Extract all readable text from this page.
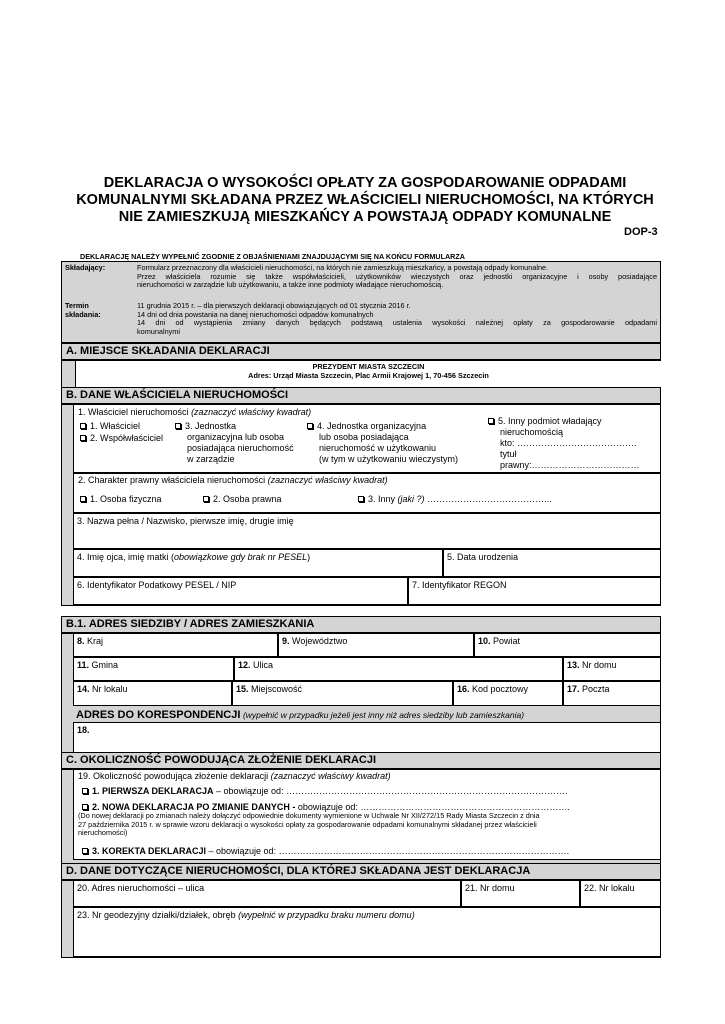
DEKLARACJA O WYSOKOŚCI OPŁATY ZA GOSPODAROWANIE ODPADAMI
KOMUNALNYMI SKŁADANA PRZEZ WŁAŚCICIELI NIERUCHOMOŚCI, NA KTÓRYCH
NIE ZAMIESZKUJĄ MIESZKAŃCY A POWSTAJĄ ODPADY KOMUNALNE
DOP-3
DEKLARACJĘ NALEŻY WYPEŁNIĆ ZGODNIE Z OBJAŚNIENIAMI ZNAJDUJĄCYMI SIĘ NA KOŃCU FORMULARZA
Składający:	Formularz przeznaczony dla właścicieli nieruchomości, na których nie zamieszkują mieszkańcy, a powstają odpady komunalne.
Przez właściciela rozumie się także współwłaścicieli, użytkowników wieczystych oraz jednostki organizacyjne i osoby posiadające
nieruchomości w zarządzie lub użytkowaniu, a także inne podmioty władające nieruchomością.
Termin
składania:
11 grudnia 2015 r. – dla pierwszych deklaracji obowiązujących od 01 stycznia 2016 r.
14 dni od dnia powstania na danej nieruchomości odpadów komunalnych
14 dni od wystąpienia zmiany danych będących podstawą ustalenia wysokości należnej opłaty za gospodarowanie odpadami
komunalnymi
A. MIEJSCE SKŁADANIA DEKLARACJI
PREZYDENT MIASTA SZCZECIN
Adres: Urząd Miasta Szczecin, Plac Armii Krajowej 1, 70-456 Szczecin
B. DANE WŁAŚCICIELA NIERUCHOMOŚCI
1. Właściciel nieruchomości (zaznaczyć właściwy kwadrat)
1. Właściciel
2. Współwłaściciel
3. Jednostka
organizacyjna lub osoba
posiadająca nieruchomość
w zarządzie
4. Jednostka organizacyjna
lub osoba posiadająca
nieruchomość w użytkowaniu
(w tym w użytkowaniu wieczystym)
5. Inny podmiot władający
nieruchomością
kto: ………………………………….
tytuł
prawny:………………………………
2. Charakter prawny właściciela nieruchomości (zaznaczyć właściwy kwadrat)
1. Osoba fizyczna	2. Osoba prawna	3. Inny (jaki ?) …………………………………...
3. Nazwa pełna / Nazwisko, pierwsze imię, drugie imię
4. Imię ojca, imię matki (obowiązkowe gdy brak nr PESEL)	5. Data urodzenia
6. Identyfikator Podatkowy PESEL / NIP	7. Identyfikator REGON
B.1. ADRES SIEDZIBY / ADRES ZAMIESZKANIA
8. Kraj	9. Województwo	10. Powiat
11. Gmina	12. Ulica	13. Nr domu
14. Nr lokalu	15. Miejscowość	16. Kod pocztowy	17. Poczta
ADRES DO KORESPONDENCJI (wypełnić w przypadku jeżeli jest inny niż adres siedziby lub zamieszkania)
18.
C. OKOLICZNOŚĆ POWODUJĄCA ZŁOŻENIE DEKLARACJI
19. Okoliczność powodująca złożenie deklaracji (zaznaczyć właściwy kwadrat)
1. PIERWSZA DEKLARACJA – obowiązuje od: ………………………………………………………………………………….
2. NOWA DEKLARACJA PO ZMIANIE DANYCH - obowiązuje od: …………………………………………………………….
(Do nowej deklaracji po zmianach należy dołączyć odpowiednie dokumenty wymienione w Uchwale Nr XII/272/15 Rady Miasta Szczecin z dnia
27 października 2015 r. w sprawie wzoru deklaracji o wysokości opłaty za gospodarowanie odpadami komunalnymi składanej przez właścicieli
nieruchomości)
3. KOREKTA DEKLARACJI – obowiązuje od: …………………………………………………………………………………….
D. DANE DOTYCZĄCE NIERUCHOMOŚCI, DLA KTÓREJ SKŁADANA JEST DEKLARACJA
20. Adres nieruchomości – ulica	21. Nr domu	22. Nr lokalu
23. Nr geodezyjny działki/działek, obręb (wypełnić w przypadku braku numeru domu)
